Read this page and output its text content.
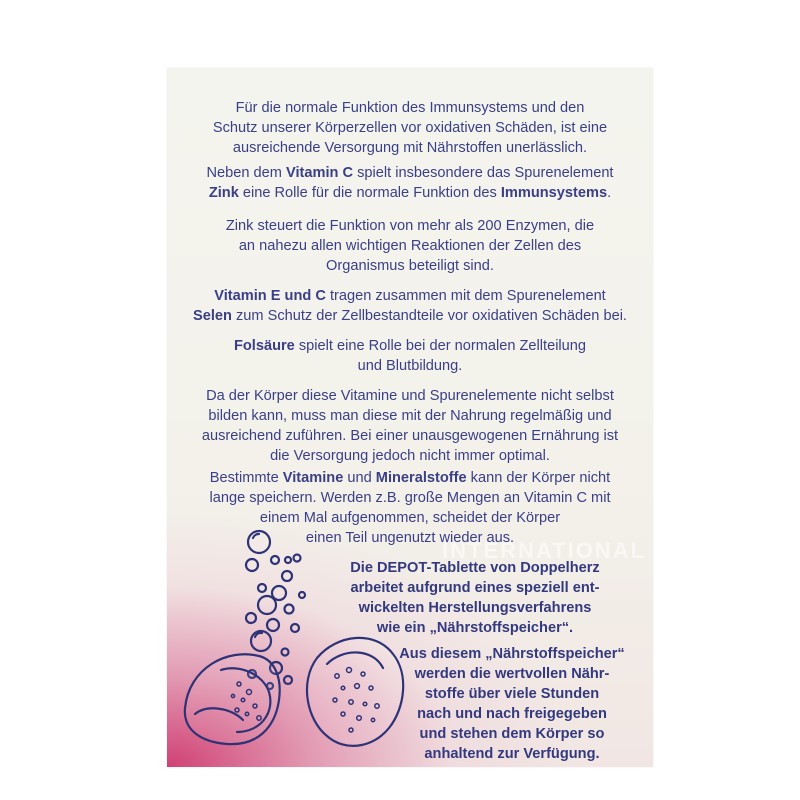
Für die normale Funktion des Immunsystems und den
Schutz unserer Körperzellen vor oxidativen Schäden, ist eine
ausreichende Versorgung mit Nährstoffen unerlässlich.
Neben dem Vitamin C spielt insbesondere das Spurenelement
Zink eine Rolle für die normale Funktion des Immunsystems.
Zink steuert die Funktion von mehr als 200 Enzymen, die
an nahezu allen wichtigen Reaktionen der Zellen des
Organismus beteiligt sind.
Vitamin E und C tragen zusammen mit dem Spurenelement
Selen zum Schutz der Zellbestandteile vor oxidativen Schäden bei.
Folsäure spielt eine Rolle bei der normalen Zellteilung
und Blutbildung.
Da der Körper diese Vitamine und Spurenelemente nicht selbst
bilden kann, muss man diese mit der Nahrung regelmäßig und
ausreichend zuführen. Bei einer unausgewogenen Ernährung ist
die Versorgung jedoch nicht immer optimal.
Bestimmte Vitamine und Mineralstoffe kann der Körper nicht
lange speichern. Werden z.B. große Mengen an Vitamin C mit
einem Mal aufgenommen, scheidet der Körper
einen Teil ungenutzt wieder aus.
INTERNATIONAL
Die DEPOT-Tablette von Doppelherz
arbeitet aufgrund eines speziell ent-
wickelten Herstellungsverfahrens
wie ein „Nährstoffspeicher“.
Aus diesem „Nährstoffspeicher“
werden die wertvollen Nähr-
stoffe über viele Stunden
nach und nach freigegeben
und stehen dem Körper so
anhaltend zur Verfügung.
